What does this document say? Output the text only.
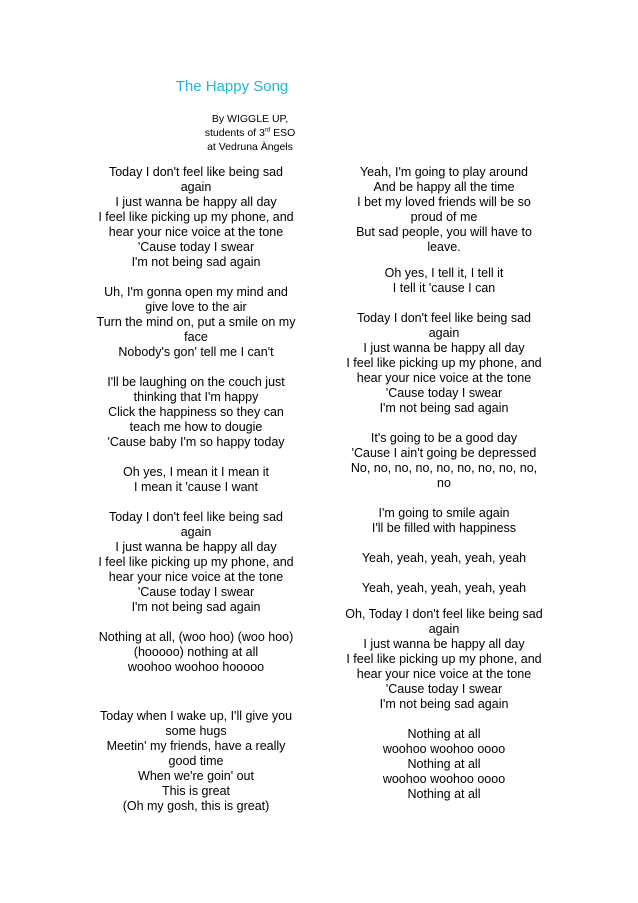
The Happy Song
By WIGGLE UP,
students of 3rd ESO
at Vedruna Àngels
Today I don't feel like being sad
again
I just wanna be happy all day
I feel like picking up my phone, and
hear your nice voice at the tone
'Cause today I swear
I'm not being sad again
Uh, I'm gonna open my mind and
give love to the air
Turn the mind on, put a smile on my
face
Nobody's gon' tell me I can't
I'll be laughing on the couch just
thinking that I'm happy
Click the happiness so they can
teach me how to dougie
'Cause baby I'm so happy today
Oh yes, I mean it I mean it
I mean it 'cause I want
Today I don't feel like being sad
again
I just wanna be happy all day
I feel like picking up my phone, and
hear your nice voice at the tone
'Cause today I swear
I'm not being sad again
Nothing at all, (woo hoo) (woo hoo)
(hooooo) nothing at all
woohoo woohoo hooooo
Today when I wake up, I'll give you
some hugs
Meetin' my friends, have a really
good time
When we're goin' out
This is great
(Oh my gosh, this is great)
Yeah, I'm going to play around
And be happy all the time
I bet my loved friends will be so
proud of me
But sad people, you will have to
leave.
Oh yes, I tell it, I tell it
I tell it 'cause I can
Today I don't feel like being sad
again
I just wanna be happy all day
I feel like picking up my phone, and
hear your nice voice at the tone
'Cause today I swear
I'm not being sad again
It's going to be a good day
'Cause I ain't going be depressed
No, no, no, no, no, no, no, no, no,
no
I'm going to smile again
I'll be filled with happiness
Yeah, yeah, yeah, yeah, yeah
Yeah, yeah, yeah, yeah, yeah
Oh, Today I don't feel like being sad
again
I just wanna be happy all day
I feel like picking up my phone, and
hear your nice voice at the tone
'Cause today I swear
I'm not being sad again
Nothing at all
woohoo woohoo oooo
Nothing at all
woohoo woohoo oooo
Nothing at all
